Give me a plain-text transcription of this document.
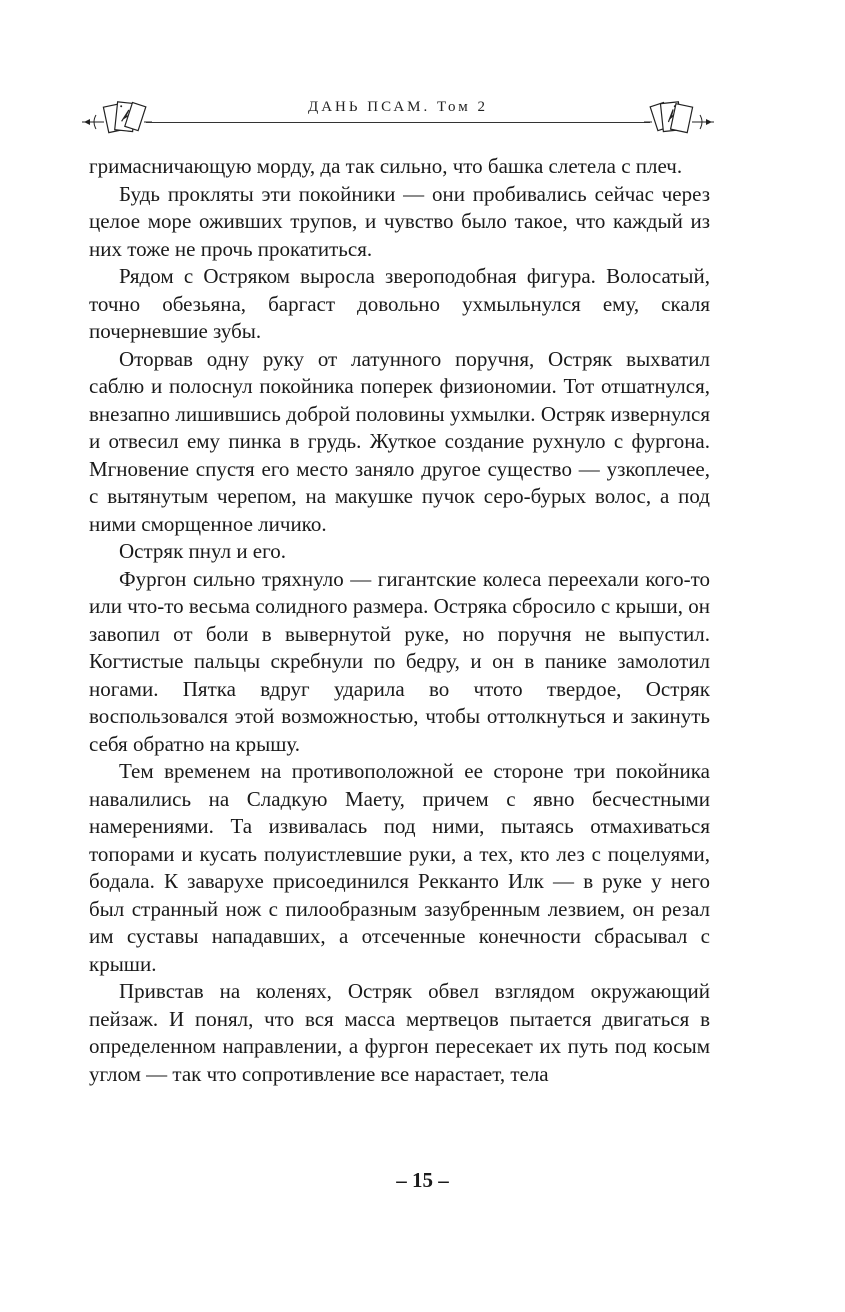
ДАНЬ ПСАМ. Том 2

гримасничающую морду, да так сильно, что башка слетела с плеч.

Будь прокляты эти покойники — они пробивались сейчас через целое море оживших трупов, и чувство было такое, что каждый из них тоже не прочь прокатиться.

Рядом с Остряком выросла звероподобная фигура. Волосатый, точно обезьяна, баргаст довольно ухмыльнулся ему, скаля почерневшие зубы.

Оторвав одну руку от латунного поручня, Остряк выхватил саблю и полоснул покойника поперек физиономии. Тот отшатнулся, внезапно лишившись доброй половины ухмылки. Остряк извернулся и отвесил ему пинка в грудь. Жуткое создание рухнуло с фургона. Мгновение спустя его место заняло другое существо — узкоплечее, с вытянутым черепом, на макушке пучок серо-бурых волос, а под ними сморщенное личико.

Остряк пнул и его.

Фургон сильно тряхнуло — гигантские колеса переехали кого-то или что-то весьма солидного размера. Остряка сбросило с крыши, он завопил от боли в вывернутой руке, но поручня не выпустил. Когтистые пальцы скребнули по бедру, и он в панике замолотил ногами. Пятка вдруг ударила во чтото твердое, Остряк воспользовался этой возможностью, чтобы оттолкнуться и закинуть себя обратно на крышу.

Тем временем на противоположной ее стороне три покойника навалились на Сладкую Маету, причем с явно бесчестными намерениями. Та извивалась под ними, пытаясь отмахиваться топорами и кусать полуистлевшие руки, а тех, кто лез с поцелуями, бодала. К заварухе присоединился Рекканто Илк — в руке у него был странный нож с пилообразным зазубренным лезвием, он резал им суставы нападавших, а отсеченные конечности сбрасывал с крыши.

Привстав на коленях, Остряк обвел взглядом окружающий пейзаж. И понял, что вся масса мертвецов пытается двигаться в определенном направлении, а фургон пересекает их путь под косым углом — так что сопротивление все нарастает, тела

– 15 –
